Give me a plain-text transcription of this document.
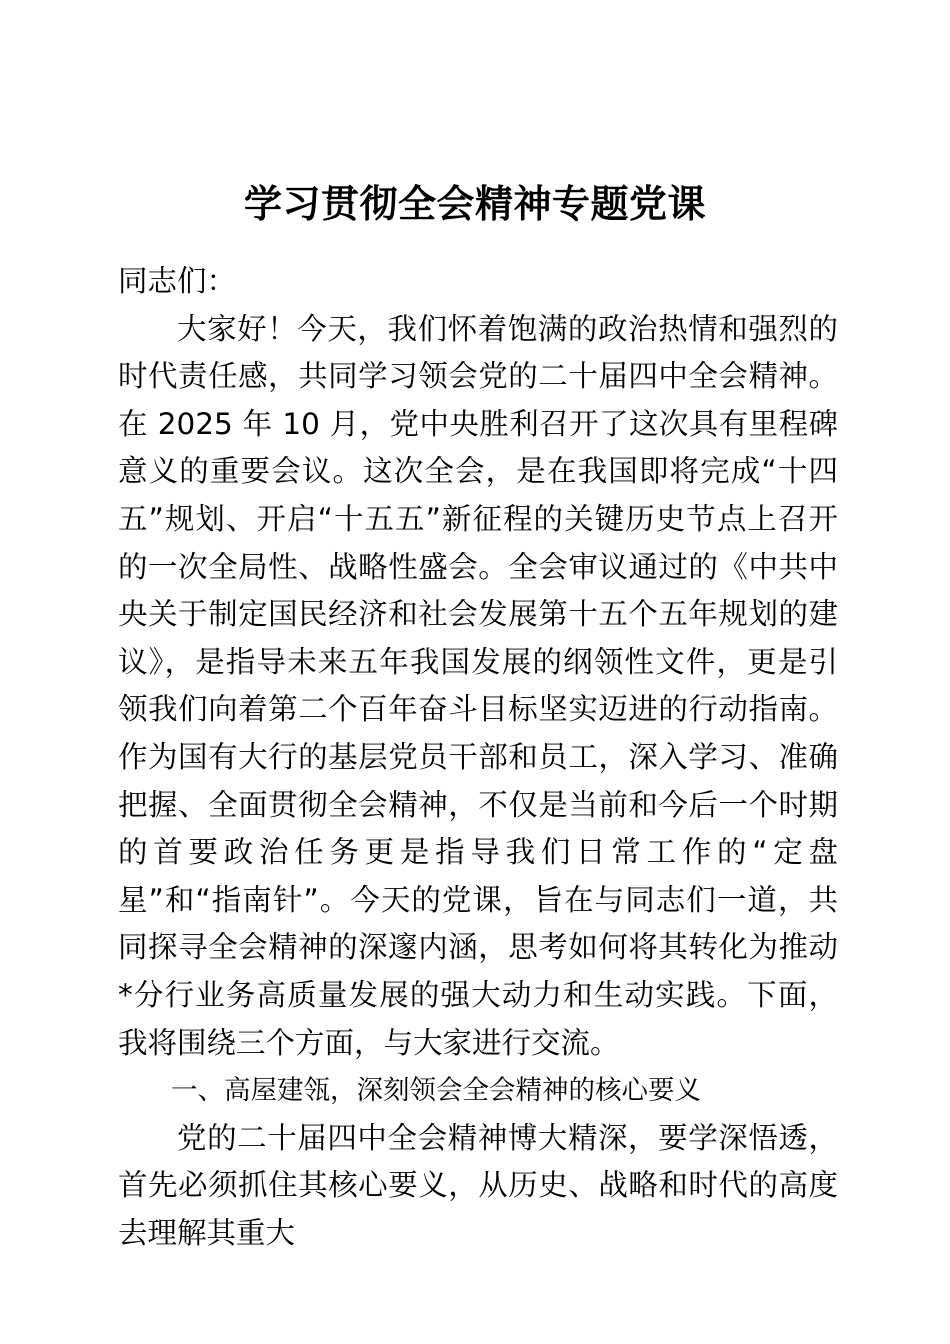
学习贯彻全会精神专题党课

同志们：

大家好！今天，我们怀着饱满的政治热情和强烈的时代责任感，共同学习领会党的二十届四中全会精神。在 2025 年 10 月，党中央胜利召开了这次具有里程碑意义的重要会议。这次全会，是在我国即将完成“十四五”规划、开启“十五五”新征程的关键历史节点上召开的一次全局性、战略性盛会。全会审议通过的《中共中央关于制定国民经济和社会发展第十五个五年规划的建议》，是指导未来五年我国发展的纲领性文件，更是引领我们向着第二个百年奋斗目标坚实迈进的行动指南。作为国有大行的基层党员干部和员工，深入学习、准确把握、全面贯彻全会精神，不仅是当前和今后一个时期的首要政治任务更是指导我们日常工作的“定盘星”和“指南针”。今天的党课，旨在与同志们一道，共同探寻全会精神的深邃内涵，思考如何将其转化为推动*分行业务高质量发展的强大动力和生动实践。下面，我将围绕三个方面，与大家进行交流。

一、高屋建瓴，深刻领会全会精神的核心要义

党的二十届四中全会精神博大精深，要学深悟透，首先必须抓住其核心要义，从历史、战略和时代的高度去理解其重大
